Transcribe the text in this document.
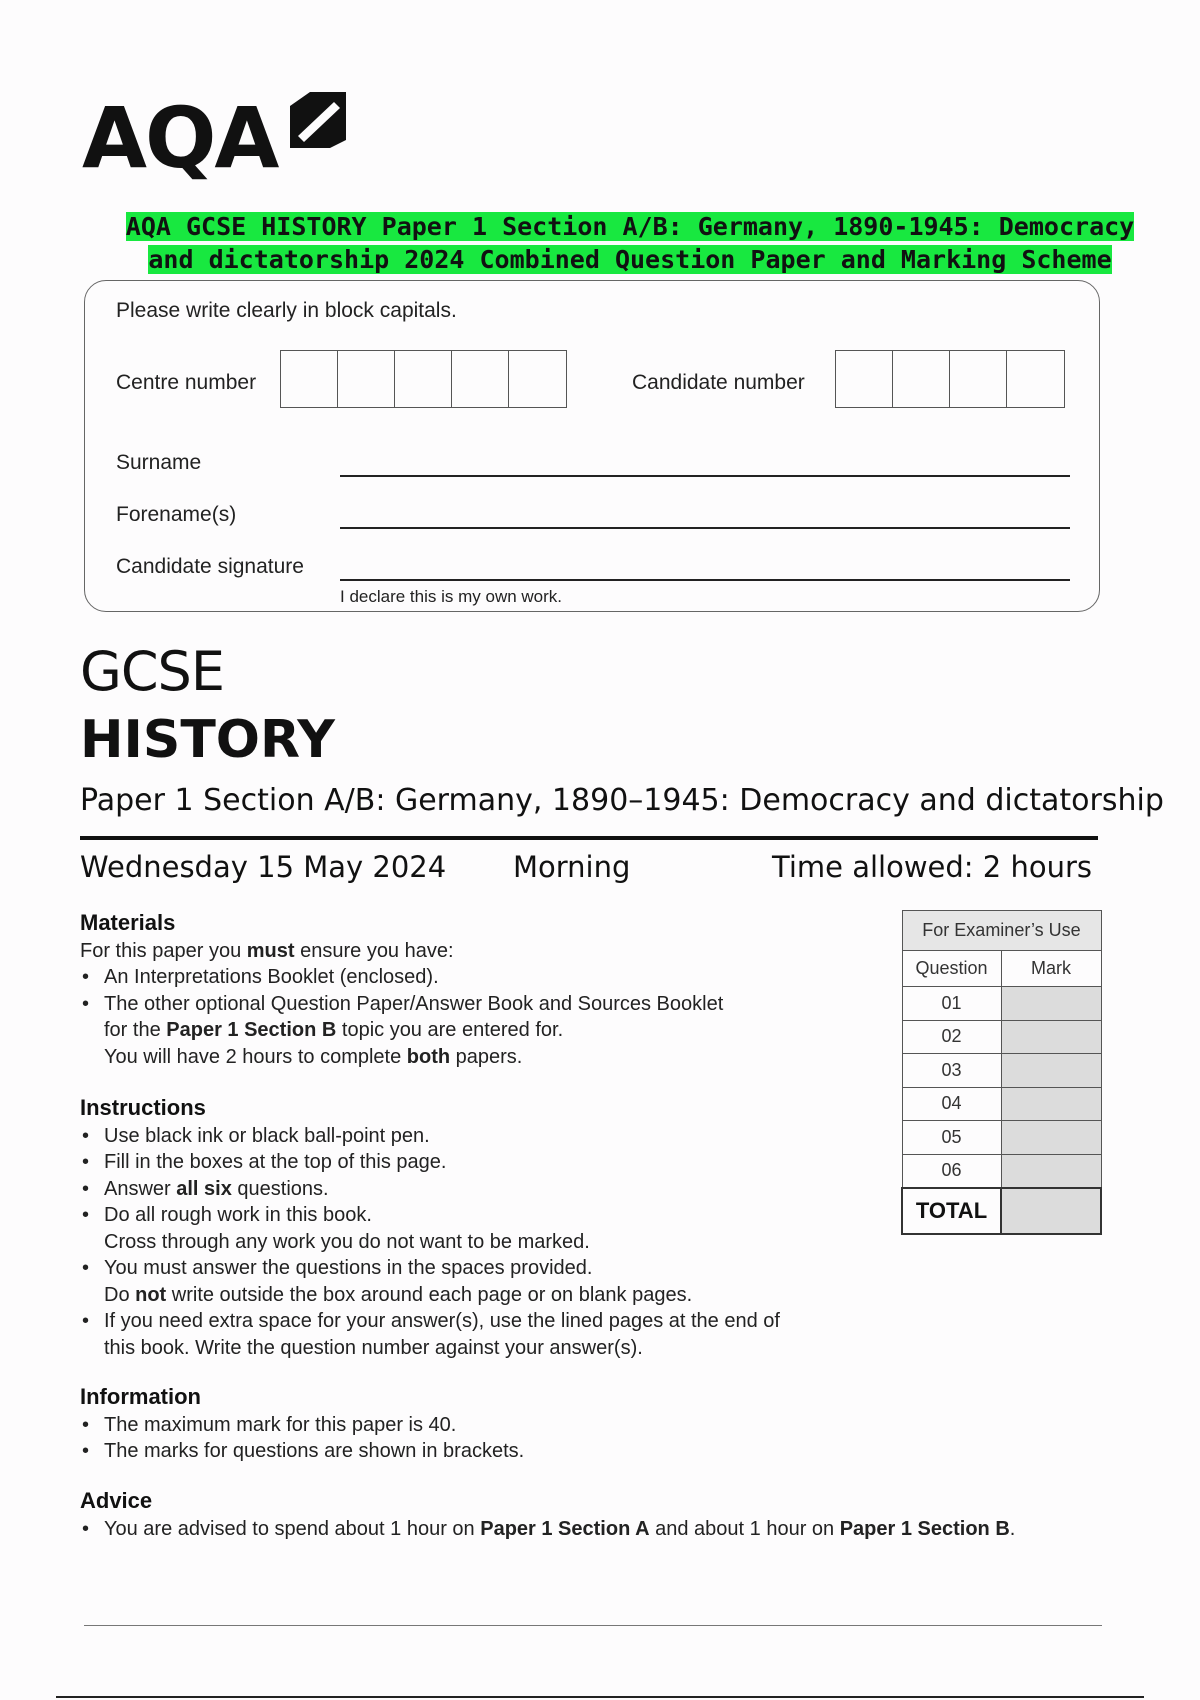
AQA
AQA GCSE HISTORY Paper 1 Section A/B: Germany, 1890-1945: Democracy and dictatorship 2024 Combined Question Paper and Marking Scheme
Please write clearly in block capitals.
Centre number	Candidate number
Surname
Forename(s)
Candidate signature
I declare this is my own work.
GCSE
HISTORY
Paper 1 Section A/B: Germany, 1890–1945: Democracy and dictatorship
Wednesday 15 May 2024 Morning	Time allowed: 2 hours
Materials
For this paper you must ensure you have:
• An Interpretations Booklet (enclosed).
• The other optional Question Paper/Answer Book and Sources Booklet
for the Paper 1 Section B topic you are entered for.
You will have 2 hours to complete both papers.
Instructions
• Use black ink or black ball-point pen.
• Fill in the boxes at the top of this page.
• Answer all six questions.
• Do all rough work in this book.
Cross through any work you do not want to be marked.
• You must answer the questions in the spaces provided.
Do not write outside the box around each page or on blank pages.
• If you need extra space for your answer(s), use the lined pages at the end of
this book. Write the question number against your answer(s).
Information
• The maximum mark for this paper is 40.
• The marks for questions are shown in brackets.
Advice
• You are advised to spend about 1 hour on Paper 1 Section A and about 1 hour on Paper 1 Section B.
For Examiner’s Use	
Question	Mark
01	
02	
03	
04	
05	
06	
TOTAL	
